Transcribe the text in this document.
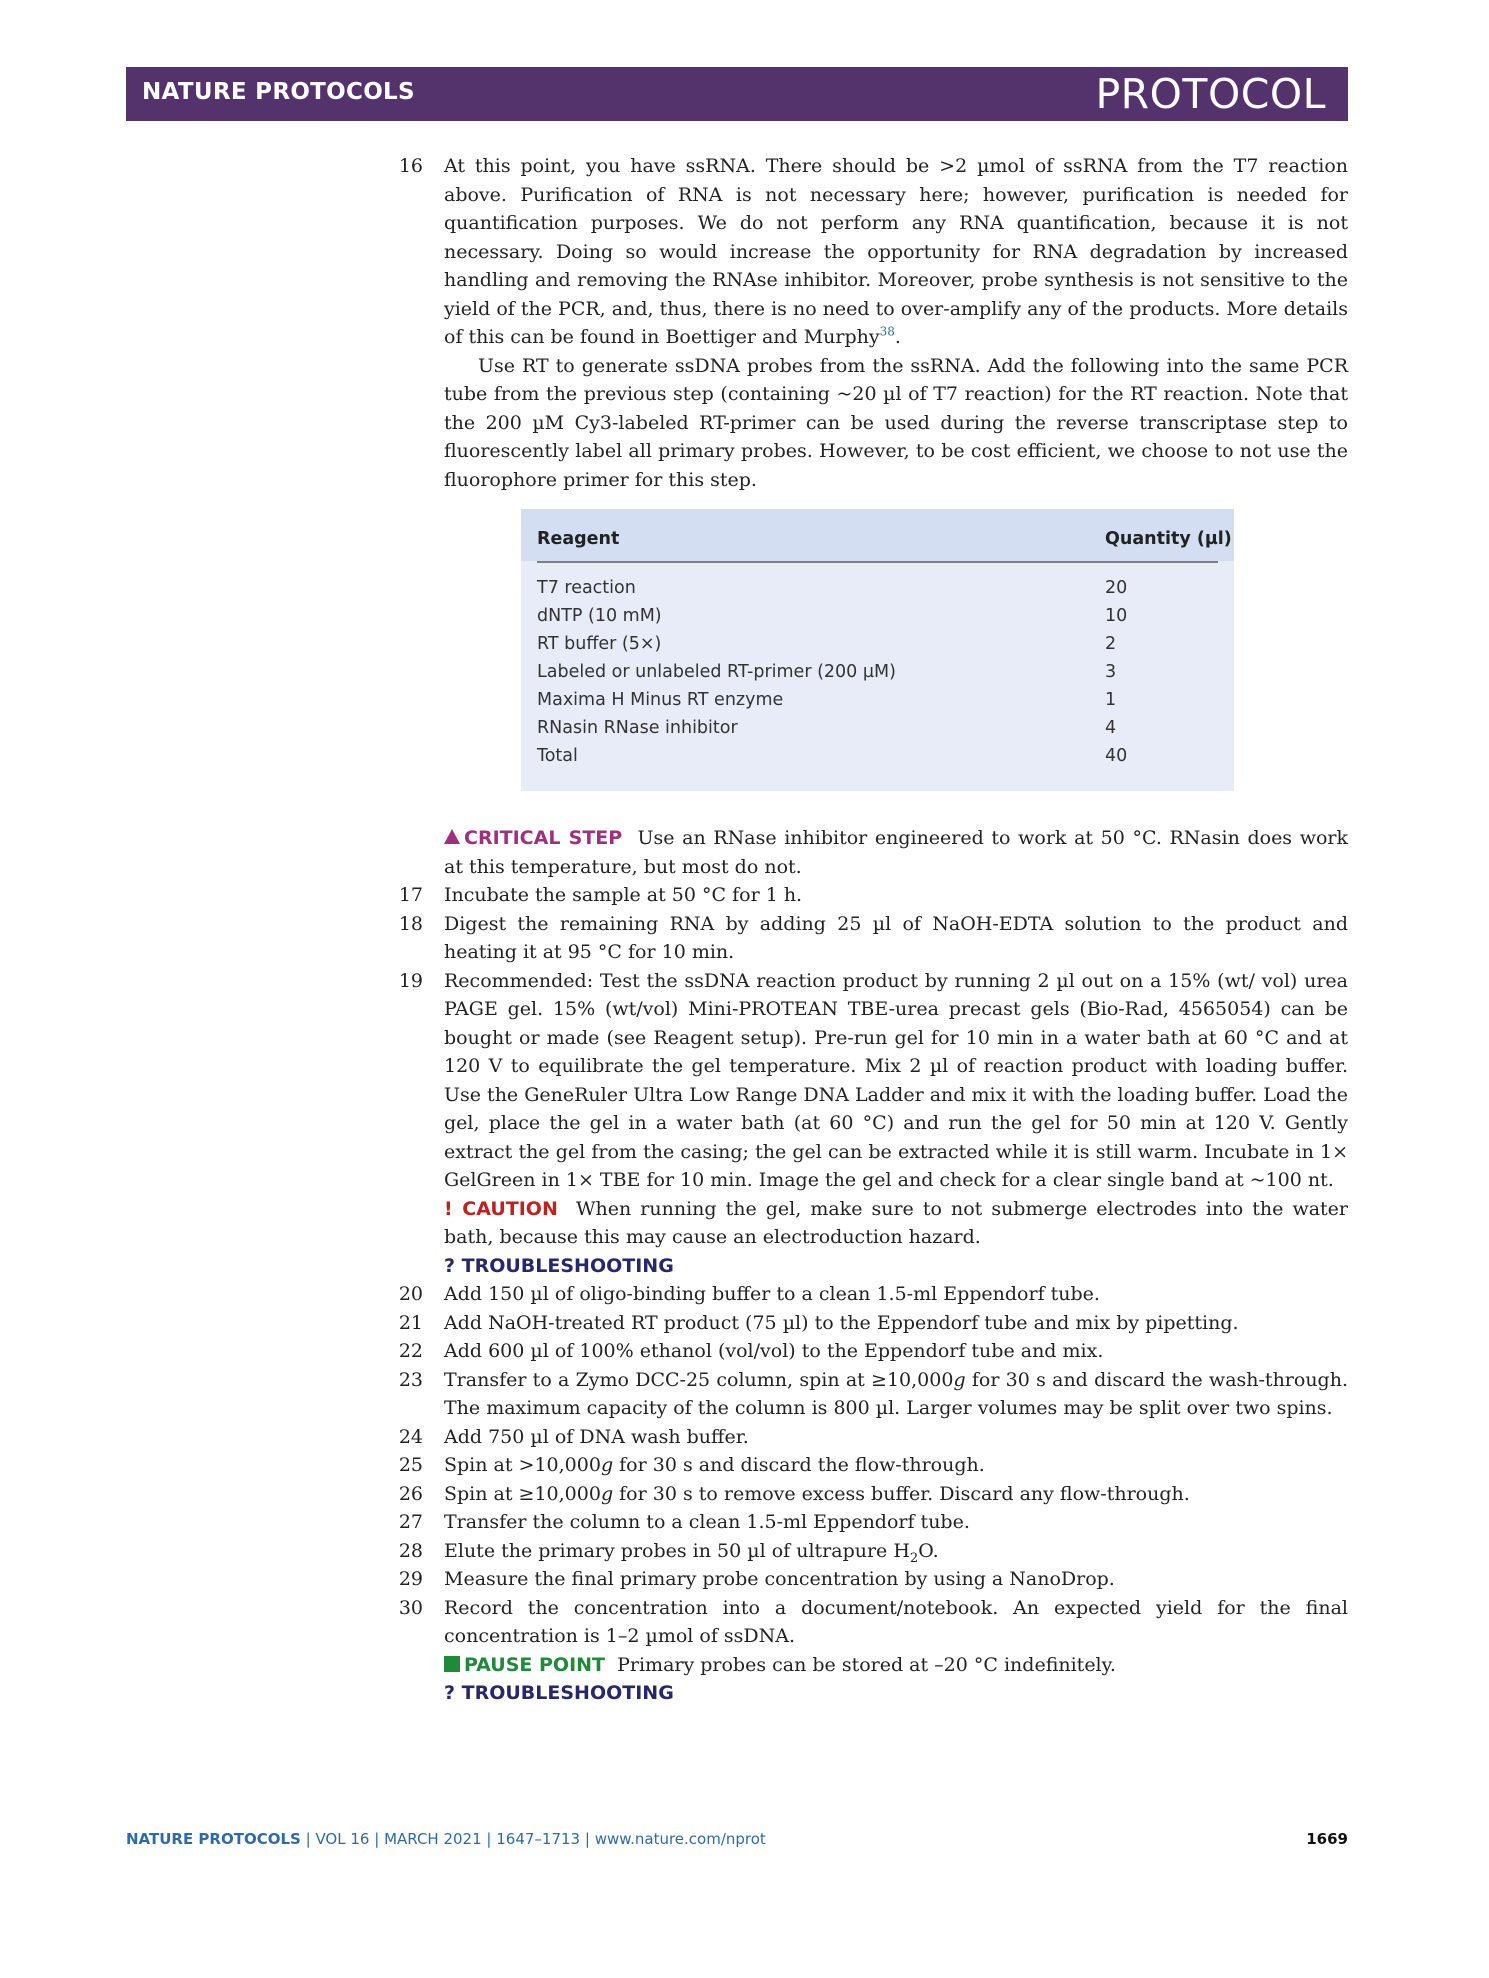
NATURE PROTOCOLS	PROTOCOL
16 At this point, you have ssRNA. There should be >2 µmol of ssRNA from the T7 reaction above. Purification of RNA is not necessary here; however, purification is needed for quantification purposes. We do not perform any RNA quantification, because it is not necessary. Doing so would increase the opportunity for RNA degradation by increased handling and removing the RNAse inhibitor. Moreover, probe synthesis is not sensitive to the yield of the PCR, and, thus, there is no need to over-amplify any of the products. More details of this can be found in Boettiger and Murphy$^{38}$.
Use RT to generate ssDNA probes from the ssRNA. Add the following into the same PCR tube from the previous step (containing ~20 µl of T7 reaction) for the RT reaction. Note that the 200 µM Cy3-labeled RT-primer can be used during the reverse transcriptase step to fluorescently label all primary probes. However, to be cost efficient, we choose to not use the fluorophore primer for this step.
Reagent	Quantity (µl)
T7 reaction	20
dNTP (10 mM)	10
RT buffer (5×)	2
Labeled or unlabeled RT-primer (200 µM)	3
Maxima H Minus RT enzyme	1
RNasin RNase inhibitor	4
Total	40
CRITICAL STEP Use an RNase inhibitor engineered to work at 50 °C. RNasin does work at this temperature, but most do not.
17 Incubate the sample at 50 °C for 1 h.
18 Digest the remaining RNA by adding 25 µl of NaOH-EDTA solution to the product and heating it at 95 °C for 10 min.
19 Recommended: Test the ssDNA reaction product by running 2 µl out on a 15% (wt/ vol) urea PAGE gel. 15% (wt/vol) Mini-PROTEAN TBE-urea precast gels (Bio-Rad, 4565054) can be bought or made (see Reagent setup). Pre-run gel for 10 min in a water bath at 60 °C and at 120 V to equilibrate the gel temperature. Mix 2 µl of reaction product with loading buffer. Use the GeneRuler Ultra Low Range DNA Ladder and mix it with the loading buffer. Load the gel, place the gel in a water bath (at 60 °C) and run the gel for 50 min at 120 V. Gently extract the gel from the casing; the gel can be extracted while it is still warm. Incubate in 1× GelGreen in 1× TBE for 10 min. Image the gel and check for a clear single band at ~100 nt.
! CAUTION When running the gel, make sure to not submerge electrodes into the water bath, because this may cause an electroduction hazard.
? TROUBLESHOOTING
20 Add 150 µl of oligo-binding buffer to a clean 1.5-ml Eppendorf tube.
21 Add NaOH-treated RT product (75 µl) to the Eppendorf tube and mix by pipetting.
22 Add 600 µl of 100% ethanol (vol/vol) to the Eppendorf tube and mix.
23 Transfer to a Zymo DCC-25 column, spin at ≥10,000g for 30 s and discard the wash-through. The maximum capacity of the column is 800 µl. Larger volumes may be split over two spins.
24 Add 750 µl of DNA wash buffer.
25 Spin at >10,000g for 30 s and discard the flow-through.
26 Spin at ≥10,000g for 30 s to remove excess buffer. Discard any flow-through.
27 Transfer the column to a clean 1.5-ml Eppendorf tube.
28 Elute the primary probes in 50 µl of ultrapure $H_2O$.
29 Measure the final primary probe concentration by using a NanoDrop.
30 Record the concentration into a document/notebook. An expected yield for the final concentration is 1–2 µmol of ssDNA.
PAUSE POINT Primary probes can be stored at –20 °C indefinitely.
? TROUBLESHOOTING
NATURE PROTOCOLS | VOL 16 | MARCH 2021 | 1647–1713 | www.nature.com/nprot	1669
